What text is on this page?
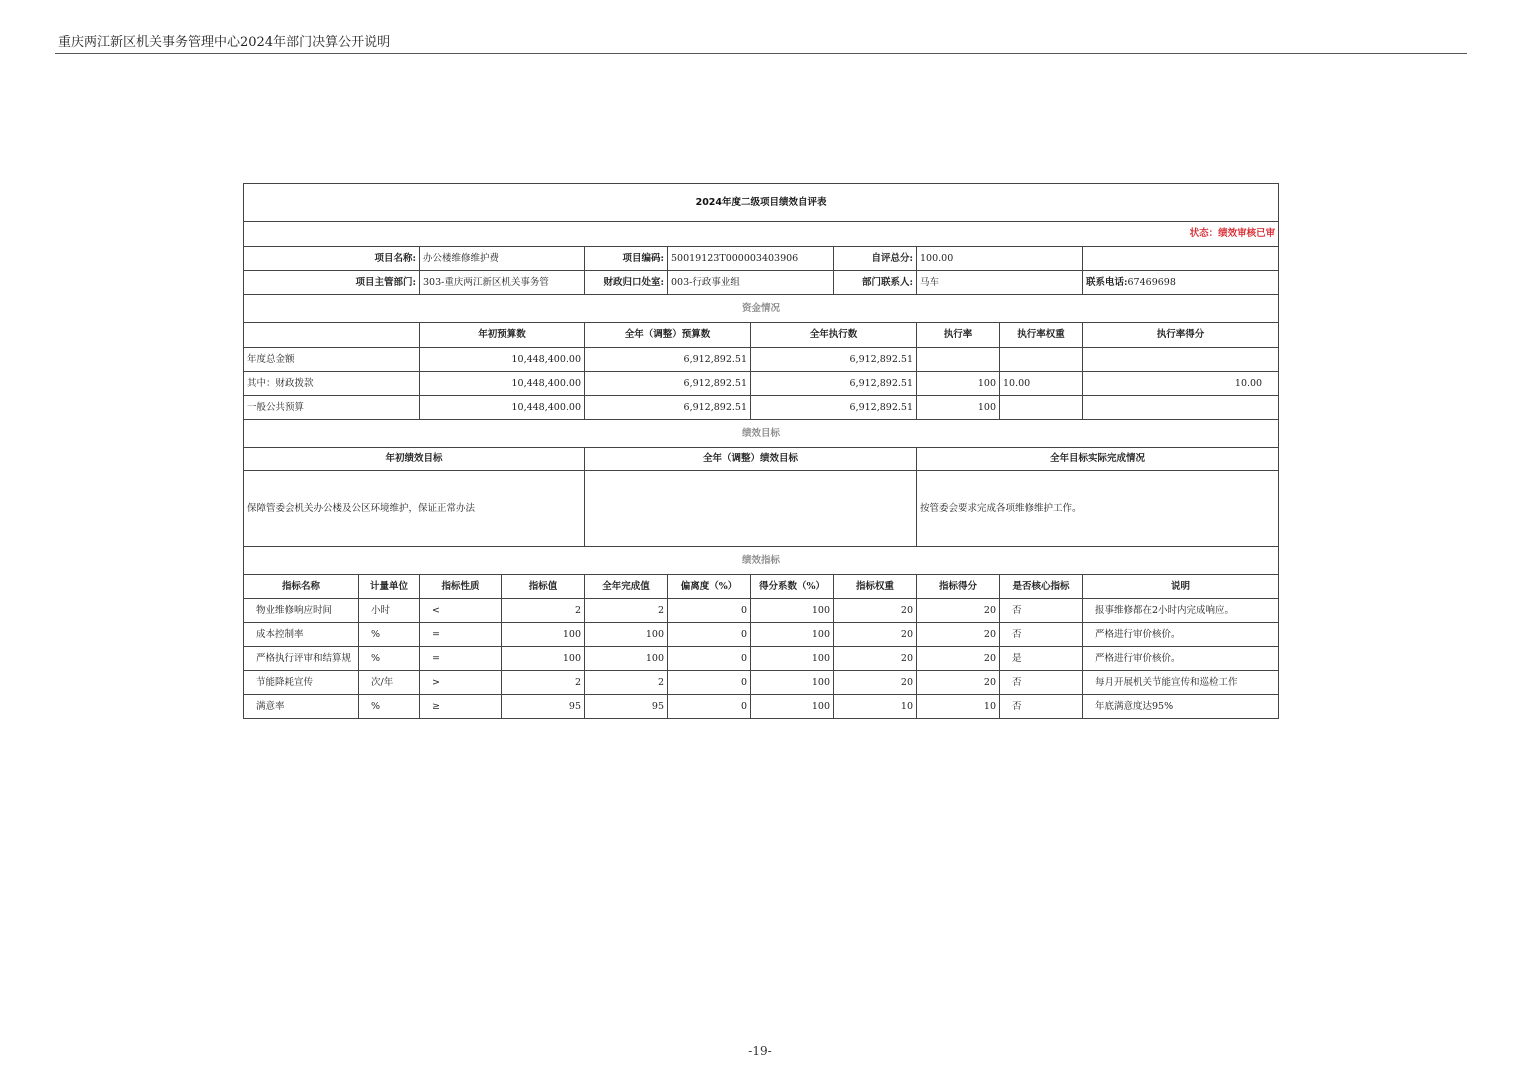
重庆两江新区机关事务管理中心2024年部门决算公开说明
2024年度二级项目绩效自评表										
状态：绩效审核已审										
项目名称:		办公楼维修维护费		项目编码:	50019123T000003403906		自评总分:	100.00		
项目主管部门:		303-重庆两江新区机关事务管		财政归口处室:	003-行政事业组		部门联系人:	马车		联系电话:67469698
资金情况										
		年初预算数		全年（调整）预算数		全年执行数		执行率	执行率权重	执行率得分
年度总金额		10,448,400.00		6,912,892.51		6,912,892.51				
其中：财政拨款		10,448,400.00		6,912,892.51		6,912,892.51		100	10.00	10.00
一般公共预算		10,448,400.00		6,912,892.51		6,912,892.51		100		
绩效目标										
年初绩效目标				全年（调整）绩效目标				全年目标实际完成情况		
保障管委会机关办公楼及公区环境维护，保证正常办法								按管委会要求完成各项维修维护工作。		
绩效指标										
指标名称	计量单位	指标性质	指标值	全年完成值	偏离度（%）	得分系数（%）	指标权重	指标得分	是否核心指标	说明
物业维修响应时间	小时	<	2	2	0	100	20	20	否	报事维修都在2小时内完成响应。
成本控制率	%	=	100	100	0	100	20	20	否	严格进行审价核价。
严格执行评审和结算规	%	=	100	100	0	100	20	20	是	严格进行审价核价。
节能降耗宣传	次/年	>	2	2	0	100	20	20	否	每月开展机关节能宣传和巡检工作
满意率	%	≥	95	95	0	100	10	10	否	年底满意度达95%
-19-
